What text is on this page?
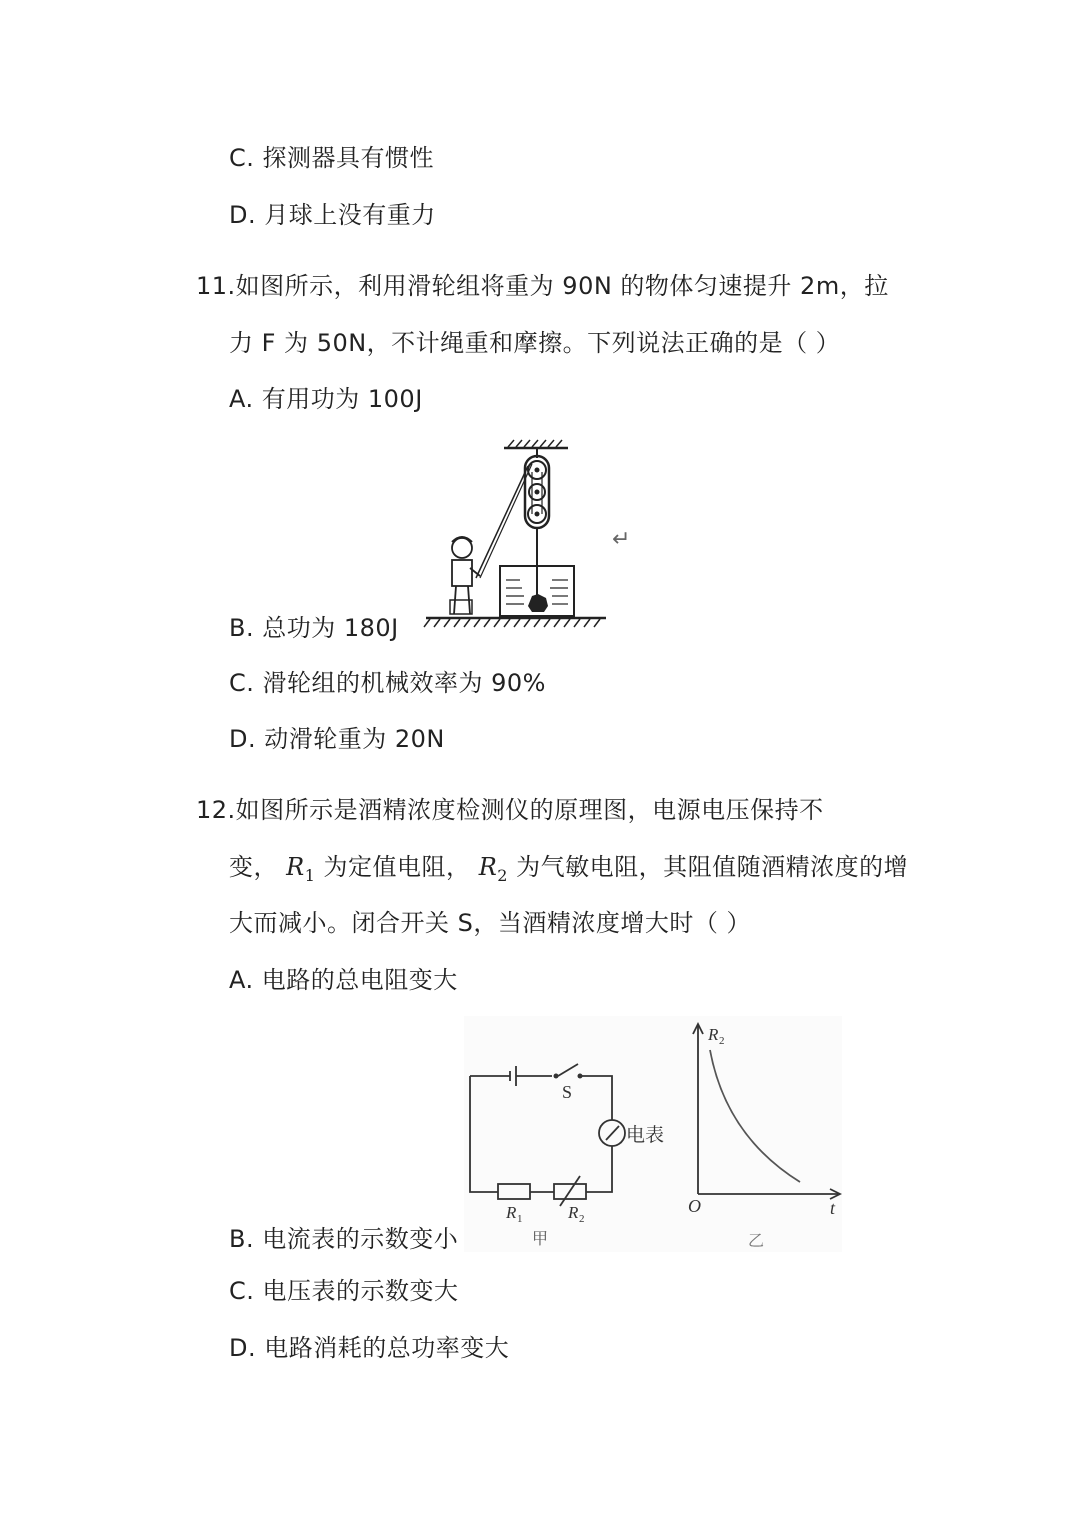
C. 探测器具有惯性
D. 月球上没有重力
11.如图所示，利用滑轮组将重为 90N 的物体匀速提升 2m，拉
力 F 为 50N，不计绳重和摩擦。下列说法正确的是（ ）
A. 有用功为 100J
↵
B. 总功为 180J
C. 滑轮组的机械效率为 90%
D. 动滑轮重为 20N
12.如图所示是酒精浓度检测仪的原理图，电源电压保持不
变， $R_1$ 为定值电阻， $R_2$ 为气敏电阻，其阻值随酒精浓度的增
大而减小。闭合开关 S，当酒精浓度增大时（ ）
A. 电路的总电阻变大
S
电表
R 1	R 2
甲
R 2
O	t
乙
B. 电流表的示数变小
C. 电压表的示数变大
D. 电路消耗的总功率变大
